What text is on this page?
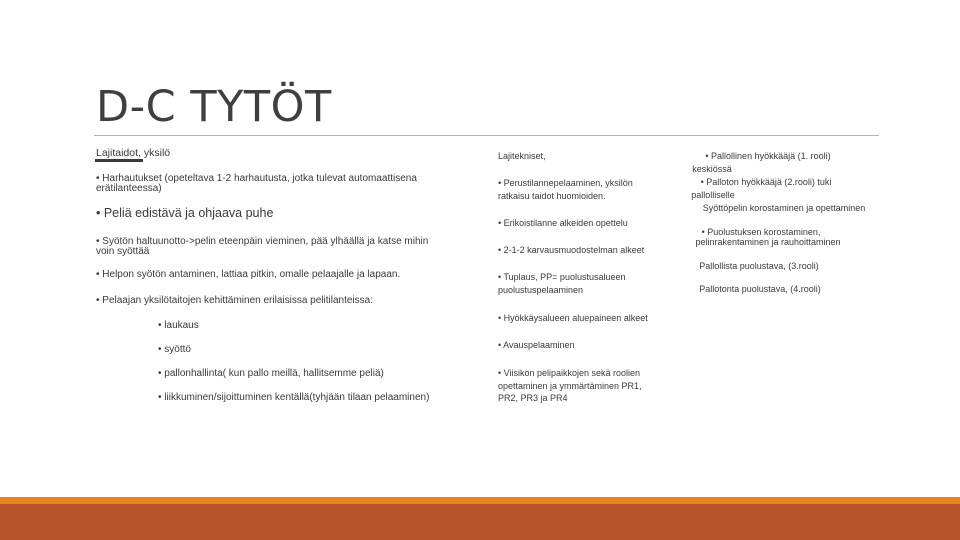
D-C TYTÖT
Lajitaidot, yksilö
• Harhautukset (opeteltava 1-2 harhautusta, jotka tulevat automaattisena
erätilanteessa)
• Peliä edistävä ja ohjaava puhe
• Syötön haltuunotto->pelin eteenpäin vieminen, pää ylhäällä ja katse mihin
voin syöttää
• Helpon syötön antaminen, lattiaa pitkin, omalle pelaajalle ja lapaan.
• Pelaajan yksilötaitojen kehittäminen erilaisissa pelitilanteissa:
• laukaus
• syöttö
• pallonhallinta( kun pallo meillä, hallitsemme peliä)
• liikkuminen/sijoittuminen kentällä(tyhjään tilaan pelaaminen)
Lajitekniset,
• Perustilannepelaaminen, yksilön
ratkaisu taidot huomioiden.
• Erikoistilanne alkeiden opettelu
• 2-1-2 karvausmuodostelman alkeet
• Tuplaus, PP= puolustusalueen
puolustuspelaaminen
• Hyökkäysalueen aluepaineen alkeet
• Avauspelaaminen
• Viisikon pelipaikkojen sekä roolien
opettaminen ja ymmärtäminen PR1,
PR2, PR3 ja PR4
• Pallollinen hyökkääjä (1. rooli)
keskiössä
• Palloton hyökkääjä (2.rooli) tuki
pallolliselle
Syöttöpelin korostaminen ja opettaminen
• Puolustuksen korostaminen,
pelinrakentaminen ja rauhoittaminen
Pallollista puolustava, (3.rooli)
Pallotonta puolustava, (4.rooli)
